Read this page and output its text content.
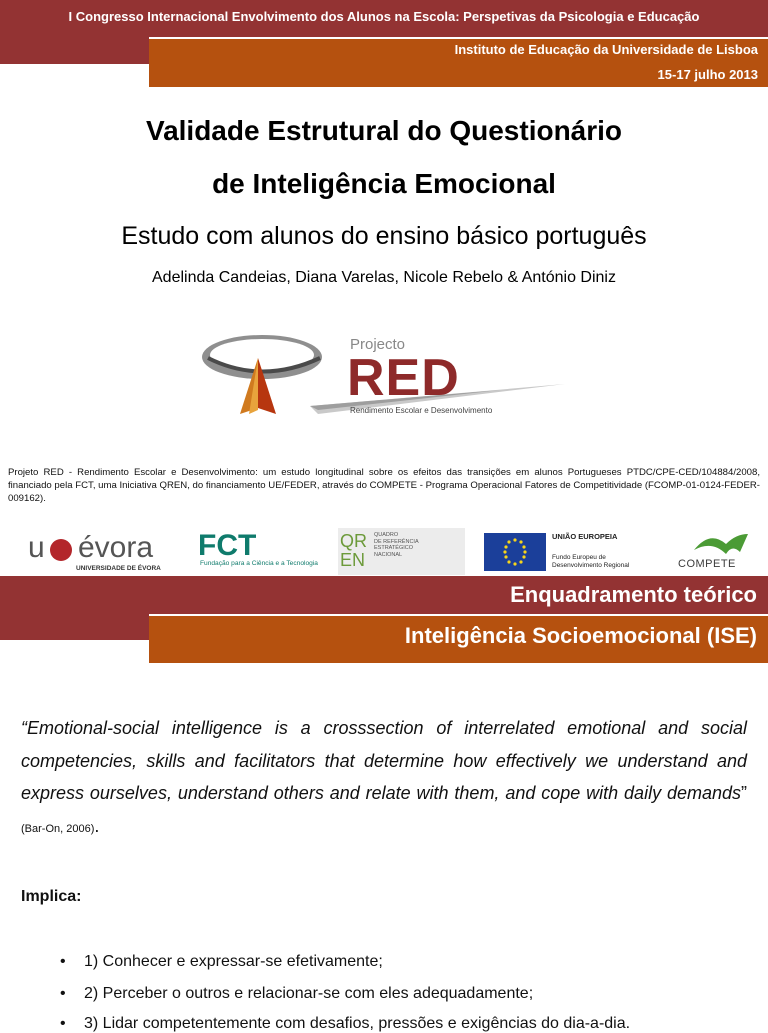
I Congresso Internacional Envolvimento dos Alunos na Escola: Perspetivas da Psicologia e Educação
Instituto de Educação da Universidade de Lisboa
15-17 julho 2013
Validade Estrutural do Questionário
de Inteligência Emocional
Estudo com alunos do ensino básico português
Adelinda Candeias, Diana Varelas, Nicole Rebelo & António Diniz
Projecto
RED
Rendimento Escolar e Desenvolvimento
Projeto RED - Rendimento Escolar e Desenvolvimento: um estudo longitudinal sobre os efeitos das transições em alunos Portugueses PTDC/CPE-CED/104884/2008, financiado pela FCT, uma Iniciativa QREN, do financiamento UE/FEDER, através do COMPETE - Programa Operacional Fatores de Competitividade (FCOMP-01-0124-FEDER-009162).
u évora
UNIVERSIDADE DE ÉVORA
FCT
Fundação para a Ciência e a Tecnologia
QR EN
QUADRO
DE REFERÊNCIA
ESTRATÉGICO
NACIONAL
UNIÃO EUROPEIA
Fundo Europeu de
Desenvolvimento Regional	COMPETE
Enquadramento teórico
Inteligência Socioemocional (ISE)
“Emotional-social intelligence is a crosssection of interrelated emotional and social competencies, skills and facilitators that determine how effectively we understand and express ourselves, understand others and relate with them, and cope with daily demands” (Bar-On, 2006).
Implica:
• 1) Conhecer e expressar-se efetivamente;
• 2) Perceber o outros e relacionar-se com eles adequadamente;
• 3) Lidar competentemente com desafios, pressões e exigências do dia-a-dia.
